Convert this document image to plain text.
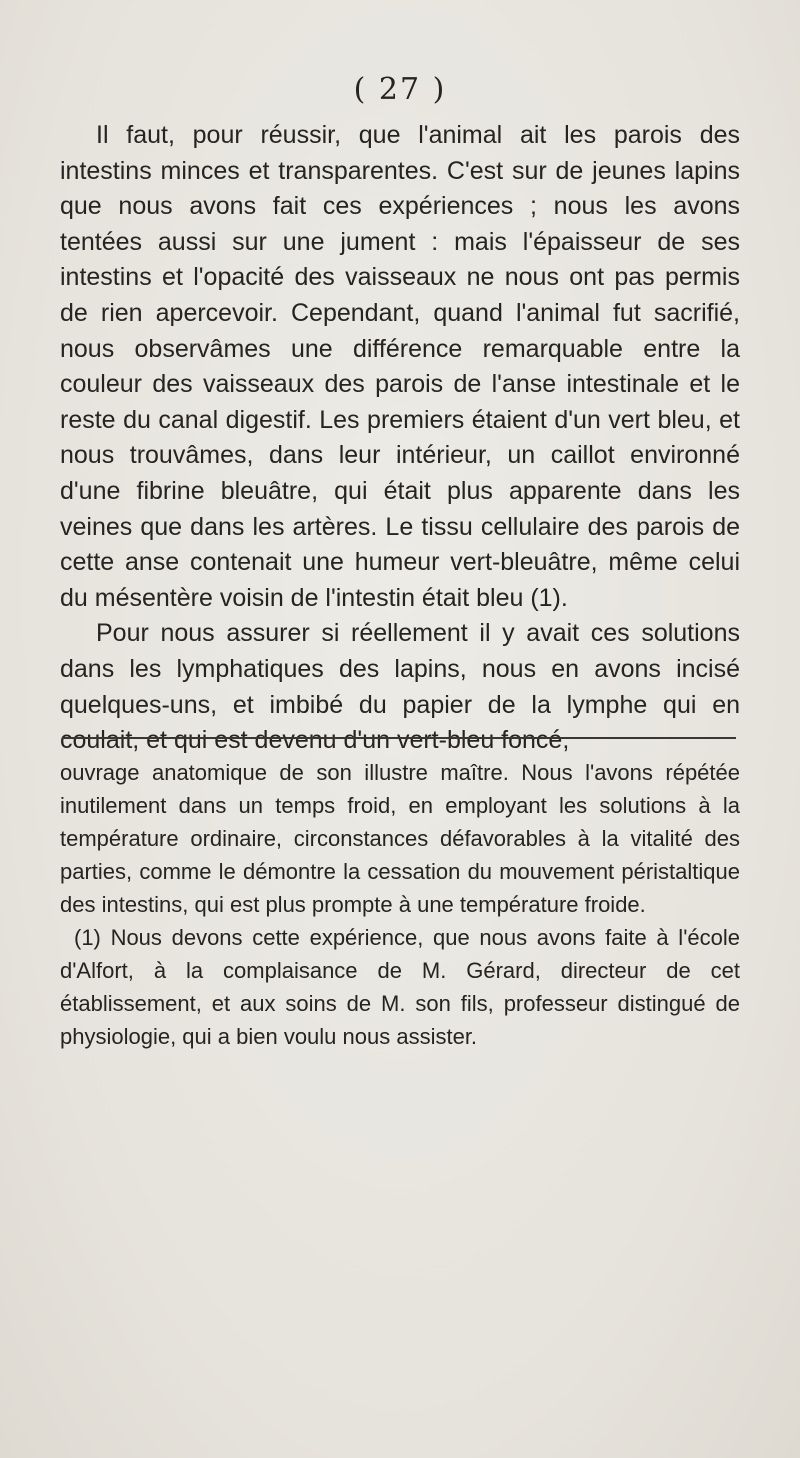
( 27 )

Il faut, pour réussir, que l'animal ait les parois des intestins minces et transparentes. C'est sur de jeunes lapins que nous avons fait ces expériences ; nous les avons tentées aussi sur une jument : mais l'épaisseur de ses intestins et l'opacité des vaisseaux ne nous ont pas permis de rien apercevoir. Cependant, quand l'animal fut sacrifié, nous observâmes une différence remarquable entre la couleur des vaisseaux des parois de l'anse intestinale et le reste du canal digestif. Les premiers étaient d'un vert bleu, et nous trouvâmes, dans leur intérieur, un caillot environné d'une fibrine bleuâtre, qui était plus apparente dans les veines que dans les artères. Le tissu cellulaire des parois de cette anse contenait une humeur vert-bleuâtre, même celui du mésentère voisin de l'intestin était bleu (1).

Pour nous assurer si réellement il y avait ces solutions dans les lymphatiques des lapins, nous en avons incisé quelques-uns, et imbibé du papier de la lymphe qui en coulait, et qui est devenu d'un vert-bleu foncé,

ouvrage anatomique de son illustre maître. Nous l'avons répétée inutilement dans un temps froid, en employant les solutions à la température ordinaire, circonstances défavorables à la vitalité des parties, comme le démontre la cessation du mouvement péristaltique des intestins, qui est plus prompte à une température froide.

(1) Nous devons cette expérience, que nous avons faite à l'école d'Alfort, à la complaisance de M. Gérard, directeur de cet établissement, et aux soins de M. son fils, professeur distingué de physiologie, qui a bien voulu nous assister.
